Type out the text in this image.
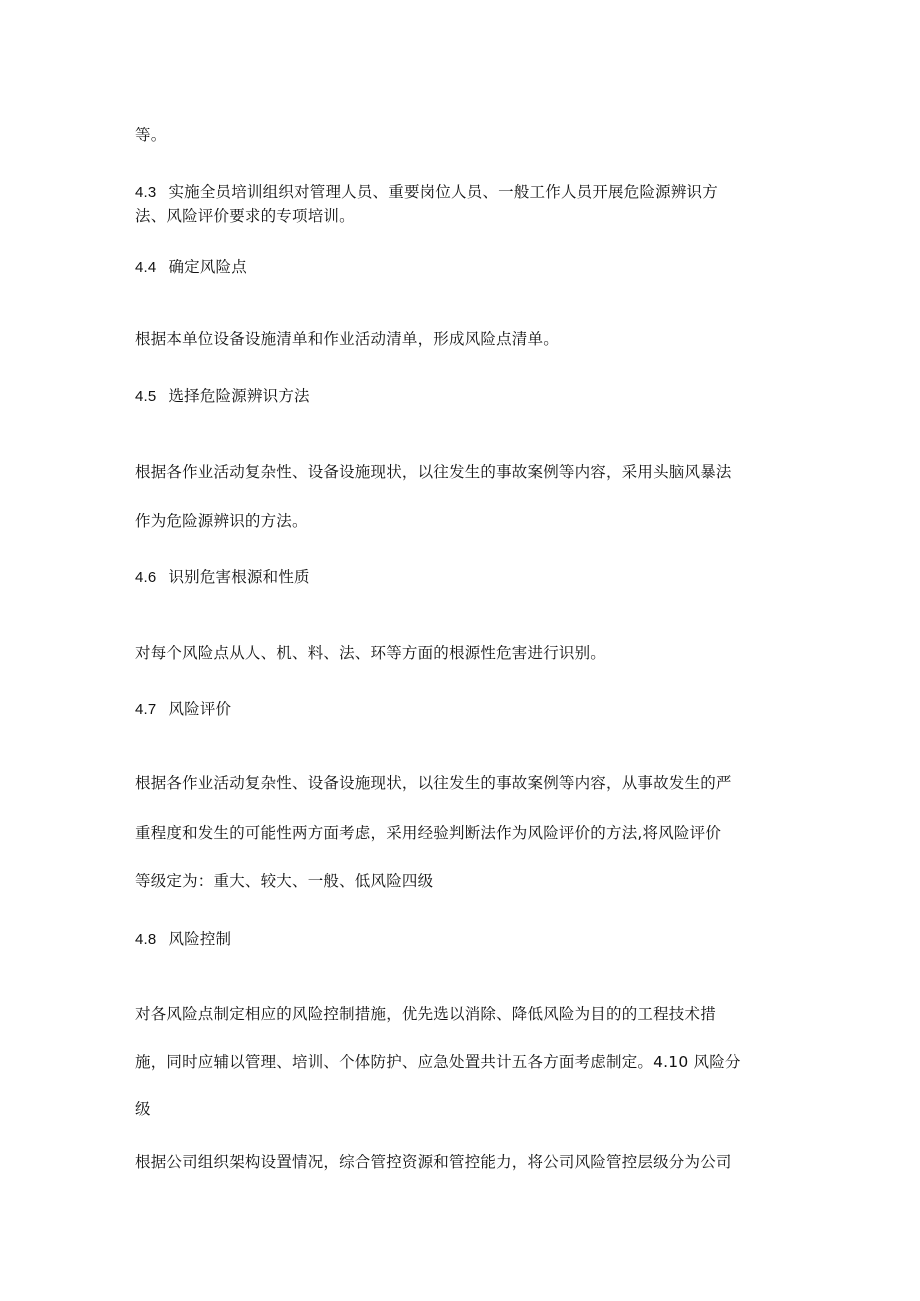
等。
4.3 实施全员培训组织对管理人员、重要岗位人员、一般工作人员开展危险源辨识方
法、风险评价要求的专项培训。
4.4 确定风险点
根据本单位设备设施清单和作业活动清单，形成风险点清单。
4.5 选择危险源辨识方法
根据各作业活动复杂性、设备设施现状，以往发生的事故案例等内容，采用头脑风暴法
作为危险源辨识的方法。
4.6 识别危害根源和性质
对每个风险点从人、机、料、法、环等方面的根源性危害进行识别。
4.7 风险评价
根据各作业活动复杂性、设备设施现状，以往发生的事故案例等内容，从事故发生的严
重程度和发生的可能性两方面考虑，采用经验判断法作为风险评价的方法,将风险评价
等级定为：重大、较大、一般、低风险四级
4.8 风险控制
对各风险点制定相应的风险控制措施，优先选以消除、降低风险为目的的工程技术措
施，同时应辅以管理、培训、个体防护、应急处置共计五各方面考虑制定。4.10 风险分
级
根据公司组织架构设置情况，综合管控资源和管控能力，将公司风险管控层级分为公司
